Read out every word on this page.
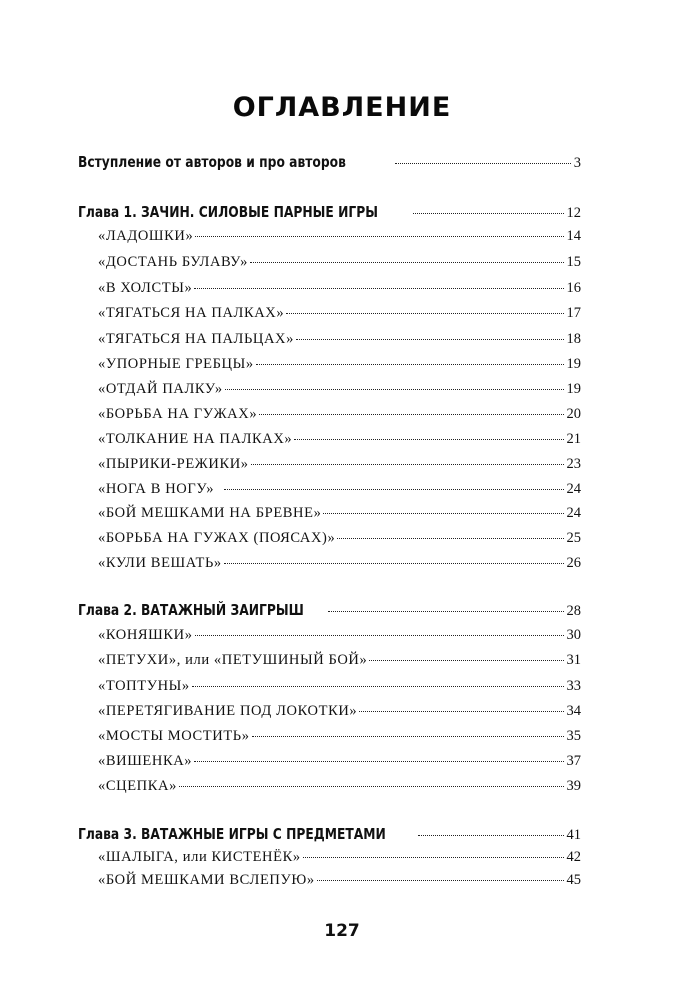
ОГЛАВЛЕНИЕ
Вступление от авторов и про авторов	3
Глава 1. ЗАЧИН. СИЛОВЫЕ ПАРНЫЕ ИГРЫ	12
«ЛАДОШКИ»	14
«ДОСТАНЬ БУЛАВУ»	15
«В ХОЛСТЫ»	16
«ТЯГАТЬСЯ НА ПАЛКАХ»	17
«ТЯГАТЬСЯ НА ПАЛЬЦАХ»	18
«УПОРНЫЕ ГРЕБЦЫ»	19
«ОТДАЙ ПАЛКУ»	19
«БОРЬБА НА ГУЖАХ»	20
«ТОЛКАНИЕ НА ПАЛКАХ»	21
«ПЫРИКИ-РЕЖИКИ»	23
«НОГА В НОГУ»	24
«БОЙ МЕШКАМИ НА БРЕВНЕ»	24
«БОРЬБА НА ГУЖАХ (ПОЯСАХ)»	25
«КУЛИ ВЕШАТЬ»	26
Глава 2. ВАТАЖНЫЙ ЗАИГРЫШ	28
«КОНЯШКИ»	30
«ПЕТУХИ», или «ПЕТУШИНЫЙ БОЙ»	31
«ТОПТУНЫ»	33
«ПЕРЕТЯГИВАНИЕ ПОД ЛОКОТКИ»	34
«МОСТЫ МОСТИТЬ»	35
«ВИШЕНКА»	37
«СЦЕПКА»	39
Глава 3. ВАТАЖНЫЕ ИГРЫ С ПРЕДМЕТАМИ	41
«ШАЛЫГА, или КИСТЕНЁК»	42
«БОЙ МЕШКАМИ ВСЛЕПУЮ»	45
127
